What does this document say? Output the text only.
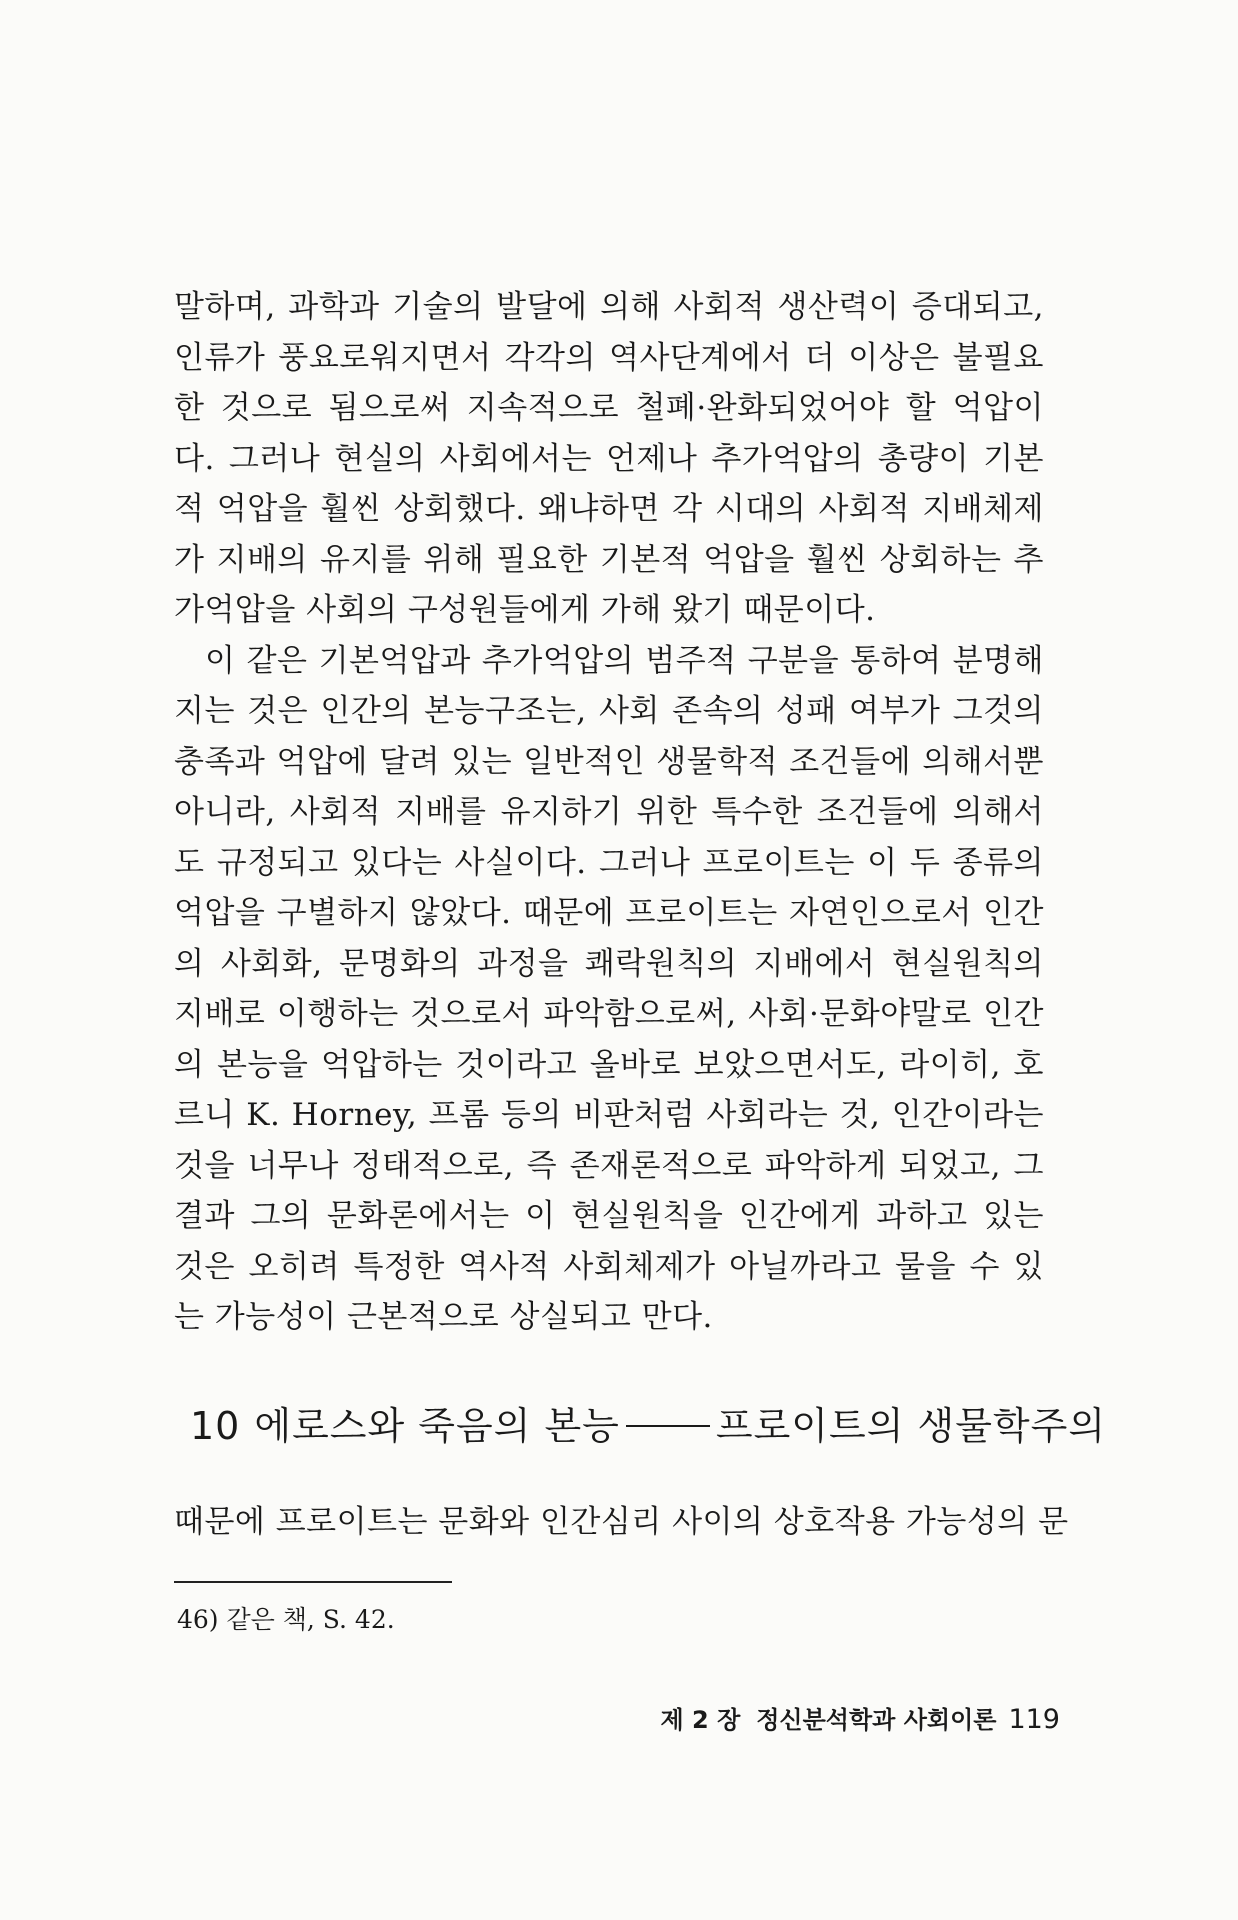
말하며, 과학과 기술의 발달에 의해 사회적 생산력이 증대되고, 인류가 풍요로워지면서 각각의 역사단계에서 더 이상은 불필요한 것으로 됨으로써 지속적으로 철폐·완화되었어야 할 억압이다. 그러나 현실의 사회에서는 언제나 추가억압의 총량이 기본적 억압을 훨씬 상회했다. 왜냐하면 각 시대의 사회적 지배체제가 지배의 유지를 위해 필요한 기본적 억압을 훨씬 상회하는 추가억압을 사회의 구성원들에게 가해 왔기 때문이다.

이 같은 기본억압과 추가억압의 범주적 구분을 통하여 분명해지는 것은 인간의 본능구조는, 사회 존속의 성패 여부가 그것의 충족과 억압에 달려 있는 일반적인 생물학적 조건들에 의해서뿐 아니라, 사회적 지배를 유지하기 위한 특수한 조건들에 의해서도 규정되고 있다는 사실이다. 그러나 프로이트는 이 두 종류의 억압을 구별하지 않았다. 때문에 프로이트는 자연인으로서 인간의 사회화, 문명화의 과정을 쾌락원칙의 지배에서 현실원칙의 지배로 이행하는 것으로서 파악함으로써, 사회·문화야말로 인간의 본능을 억압하는 것이라고 올바로 보았으면서도, 라이히, 호르니 K. Horney, 프롬 등의 비판처럼 사회라는 것, 인간이라는 것을 너무나 정태적으로, 즉 존재론적으로 파악하게 되었고, 그 결과 그의 문화론에서는 이 현실원칙을 인간에게 과하고 있는 것은 오히려 특정한 역사적 사회체제가 아닐까라고 물을 수 있는 가능성이 근본적으로 상실되고 만다.

10 에로스와 죽음의 본능	프로이트의 생물학주의
때문에 프로이트는 문화와 인간심리 사이의 상호작용 가능성의 문
46) 같은 책, S. 42.
제 2 장 정신분석학과 사회이론 119
